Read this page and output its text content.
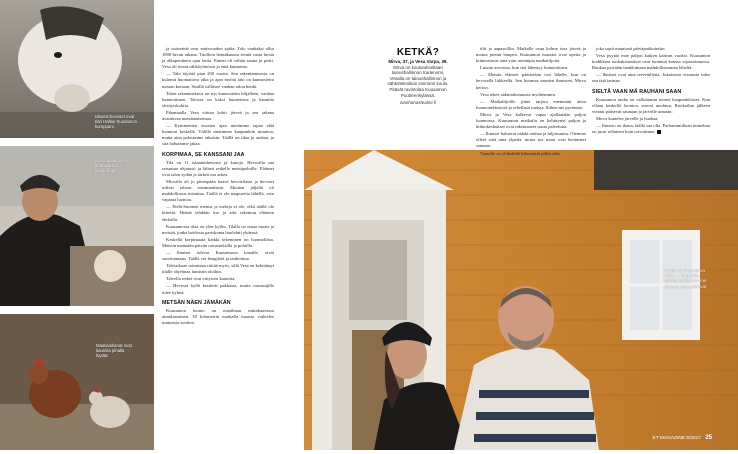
Islanninhevoset ovat Ilari Hallan Kuusamon kumppani.
Ilari tarjoaa myös uhanalaisia kanarotuja.
Maatiaiskanat ovat kauniita pihalla löytää.

ja sisäseinät ovat entisvuoden ajalta. Talo vanhaksi ollut 1800-luvun aikana. Tuolloin heinäkuussa seiniä vasta hirsiä ja alkuperäinen ajan lattia. Ennen oli vähän sauna ja pirtti. Vesa oli töissä sähköyhtiössä ja entä kumartaa.

— Talo täyttää pian 200 vuotta. Sen rakentamisesta on kulunut huomattava aika ja ajan myötä talo on kunnostettu useaan kertaan. Sisällä vallitsee vanhan talon henki.

Talon rakennuskuva on nyt kunnostettu hiljalleen, vanhaa kunnioittaen. Talossa on kaksi huoneistoa ja kauniita yksityiskohtia.

Pihamaalla Vesa viittaa kohti järveä ja sen takana avautuvaa metsämaisemaa.

— Kymmenien vuosien ajan mietimme tapaa elää luonnon keskellä. Välillä mietimme kaupunkiin muuttoa, mutta aina palasimme takaisin. Täällä on tilaa ja rauhaa, ja sitä haluamme jakaa.

KORPIMAA, SE KANSSANI JAA

Tila on 11 islanninhevosta ja kanoja. Hevosilla saa ratsastaa ohjatusti ja lähteä retkelle metsäpoluille. Eläimet ovat talon sydän ja tärkeä osa arkea.

Mirvalla oli jo pitempään haave hevostilasta ja hevoset tulivat taloon ensimmäisinä. Muuten jäljellä oli mahdollisuus toteuttaa. Täällä ei ole naapureita lähellä, vain vapaata luontoa.

— Etelä-Suomen menoa ja meluja ei ole, eikä täällä ole kiirettä. Heinät tehdään itse ja arki rakentuu eläinten ehdoilla.

Kuusamossa tilaa on ylen kyllin. Tilalla on omaa maata ja metsää, jonka hoidosta pariskunta huolehtii yhdessä.

Keskellä korpimaata kaikki tekeminen on luonnollista. Metsiin mennään päivän ratsastuksilla ja poluilla.

— Ihmiset tulevat Kuusamoon lomalle, eivät suorittamaan. Täällä voi hengittää ja rauhoittua.

Talviaikaan toimintaa riittää myös, sillä Vesa on kehittänyt tilalle ohjelmaa lumisiin oloihin.

Talvella retket ovat erityisen kauniita.

— Hevoset kyllä kestävät pakkasta, mutta ratsastajille tulee kylmä.

METSÄN NÄEN JÄMÄKÄN

Kuusamon luonto on maailman mittakaavassa ainutlaatuinen. 30 kilometrin matkalla maasto vaihtelee tunturista suohon.

Luonto on Kuusamon vahti. — Sen takia meidän täällä olemme. Mirva ja Vesa sanovat.
KETKÄ?
Mirva, 37, ja Vesa Varpa, 39.
Mirva on koulutukseltaan taloushallinnon tradenomi, Vesalla on taloushallinnon ja sähkötekniikan insinööri koulu. Pitävät ravintolaa Kuusamon Puutteenkylässä.
wanhanastealmi.fi

tilit ja aapasoillin. Matkalle osuu kolme isoa järveä ja monta pientä lampea. Kuusamon maastot ovat upeita ja kiinnostavat aina vain useampia matkailijoita.

Luonto arvostaa, kun sitä lähestyy kunnioittaen.

— Metsän eläimet päästetään tosi lähelle, kun on hevosella liikkeellä. Sen huomaa monien ihmisten, Mirva kertoo.

Vesa tekee aidanrakennusta myöhemmin.

— Matkailijoille pitää tarjota enemmän aitoa luonnonelämystä ja rehellistä ruokaa. Siihen me pyrimme.

Mirva ja Vesa kulkevat vapaa ajallaankin paljon luonnossa. Kuusamon matkailu on kehittynyt paljon ja hiihtokeskukset ovat rakentaneet uusia palveluita.

— Ihmiset haluavat nähdä rauhaa ja hiljaisuutta. Olemme olleet siitä aina ylpeitä, mutta nyt muut ovat heränneet samaan.

Vaaralle on ylidedeltä kilometriä pitkä retki.

joka sopii mainiosti päiväpatikointiin.

Vesa pyytää mae paljon kaiken kahvan vuoksi. Kuusamon kodikkaat ruokakattaukset ovat luonnon kanssa sopusoinnussa. Ruokaa pyritään hankkimaan mahdollisimman läheltä.

— Ihmiset ovat aina tervetulleita. Jokaisesta vieraasta tulee osa tätä tarinaa.

SIELTÄ VAAN MÄ RAUHANI SAAN

Kuusamon rauha on valloittanut monet kaupunkilaiset. Kun ollaan keskellä luontoa, stressi unohtuu. Ruokailun jälkeen vieraat pääsevät saunaan ja järvelle uimaan.

Mirva kantelee järvelle ja huokaa.

— Ilmasto on ihana, täällä saa olla. Parhaimmillaan tunnelma on juuri sellainen kuin toivoimme.

ET MAGAZINE 5/2017 25
